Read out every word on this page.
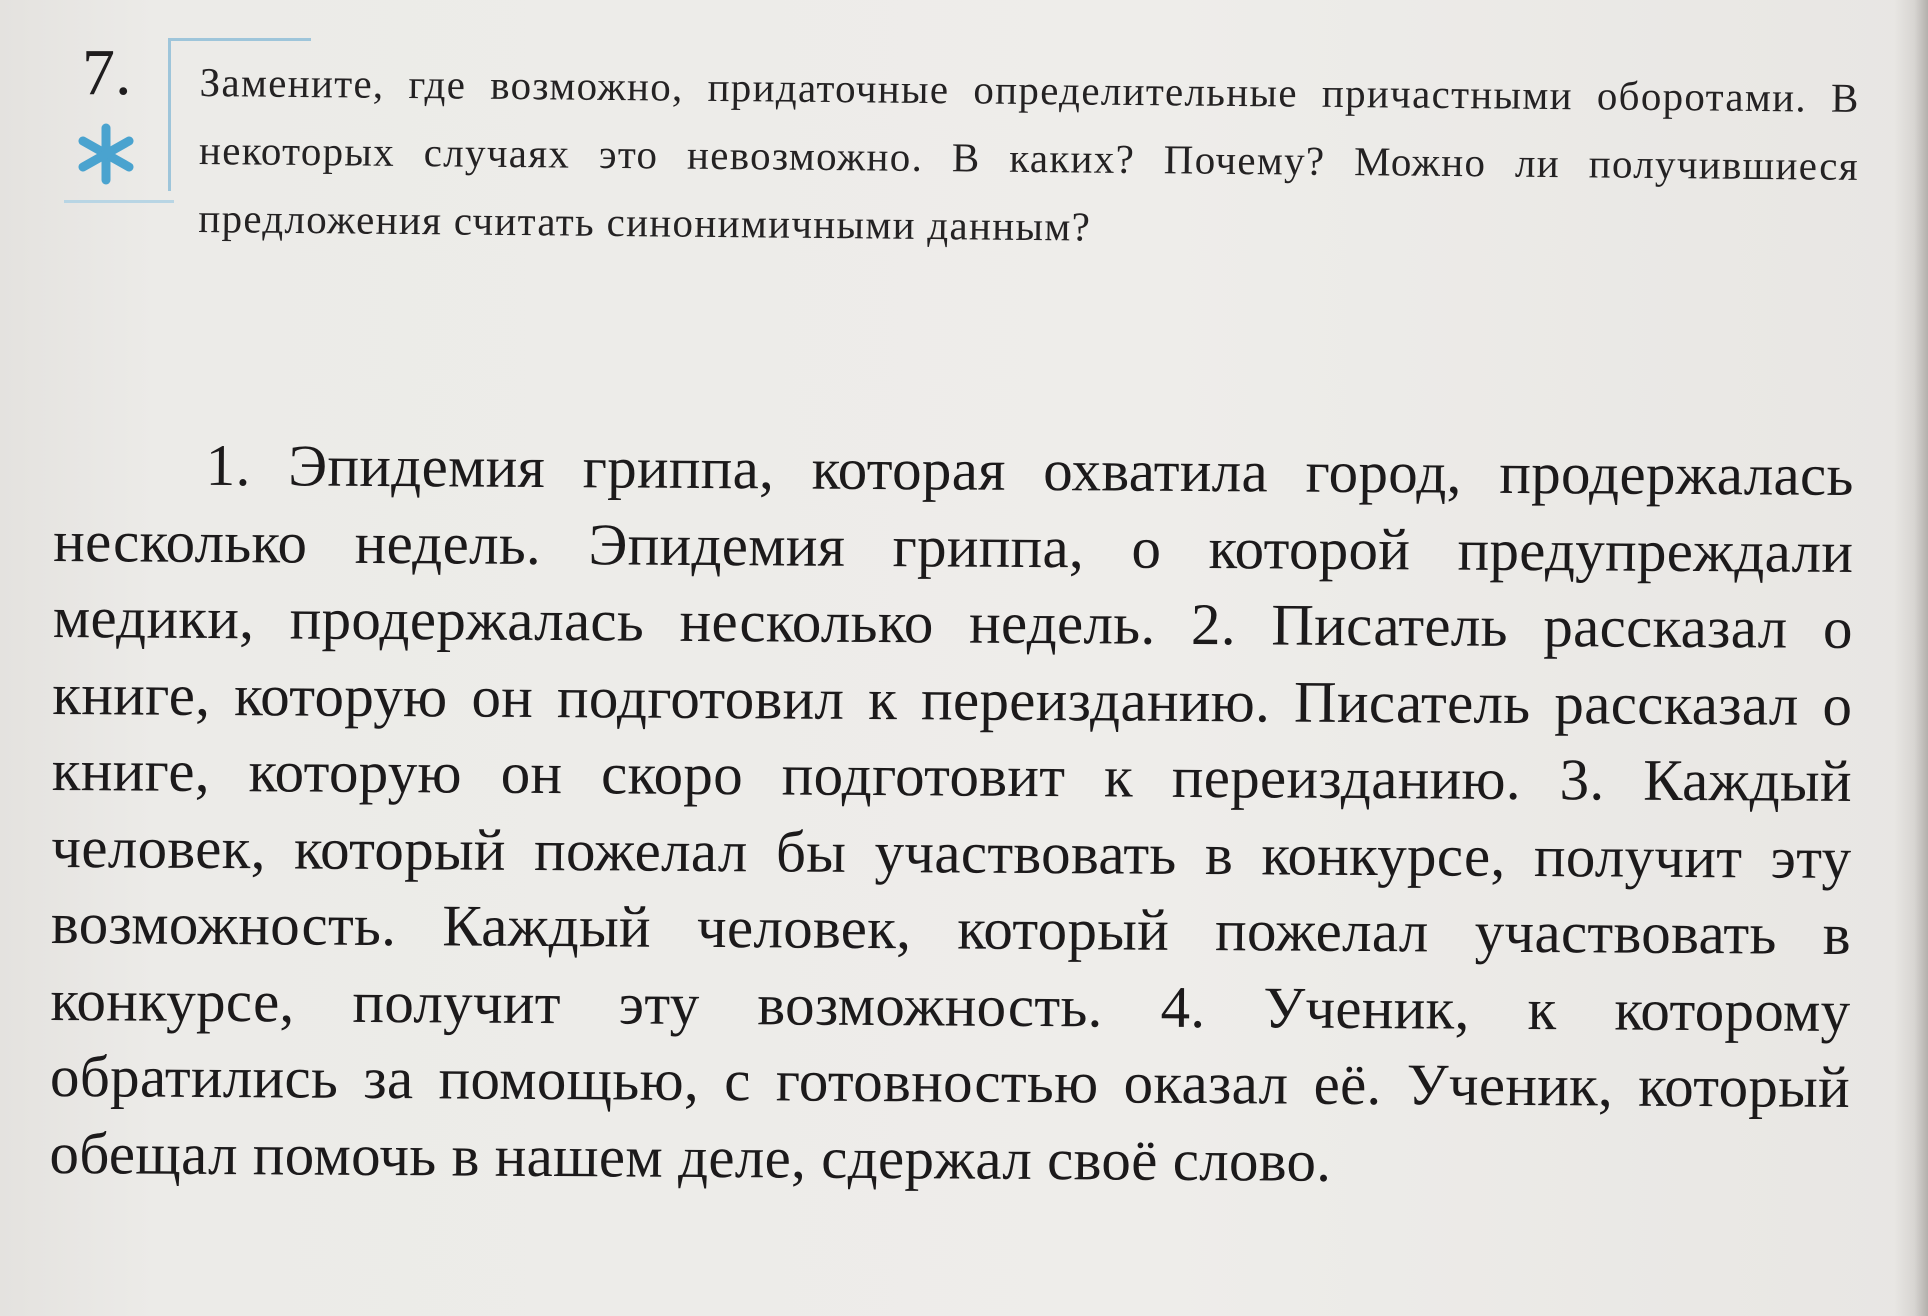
7. Замените, где возможно, придаточные определительные причастными оборотами. В некоторых случаях это невозможно. В каких? Почему? Можно ли получившиеся предложения считать синонимичными данным?

1. Эпидемия гриппа, которая охватила город, продержалась несколько недель. Эпидемия гриппа, о которой предупреждали медики, продержалась несколько недель. 2. Писатель рассказал о книге, которую он подготовил к переизданию. Писатель рассказал о книге, которую он скоро подготовит к переизданию. 3. Каждый человек, который пожелал бы участвовать в конкурсе, получит эту возможность. Каждый человек, который пожелал участвовать в конкурсе, получит эту возможность. 4. Ученик, к которому обратились за помощью, с готовностью оказал её. Ученик, который обещал помочь в нашем деле, сдержал своё слово.
